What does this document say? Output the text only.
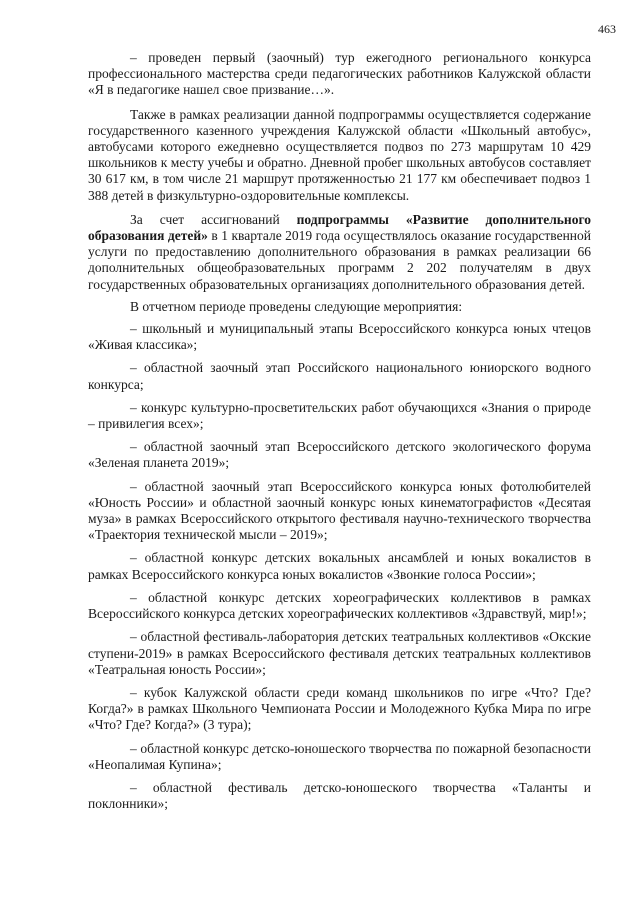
463

– проведен первый (заочный) тур ежегодного регионального конкурса профессионального мастерства среди педагогических работников Калужской области «Я в педагогике нашел свое призвание…».

Также в рамках реализации данной подпрограммы осуществляется содержание государственного казенного учреждения Калужской области «Школьный автобус», автобусами которого ежедневно осуществляется подвоз по 273 маршрутам 10 429 школьников к месту учебы и обратно. Дневной пробег школьных автобусов составляет 30 617 км, в том числе 21 маршрут протяженностью 21 177 км обеспечивает подвоз 1 388 детей в физкультурно-оздоровительные комплексы.

За счет ассигнований подпрограммы «Развитие дополнительного образования детей» в 1 квартале 2019 года осуществлялось оказание государственной услуги по предоставлению дополнительного образования в рамках реализации 66 дополнительных общеобразовательных программ 2 202 получателям в двух государственных образовательных организациях дополнительного образования детей.

В отчетном периоде проведены следующие мероприятия:

– школьный и муниципальный этапы Всероссийского конкурса юных чтецов «Живая классика»;

– областной заочный этап Российского национального юниорского водного конкурса;

– конкурс культурно-просветительских работ обучающихся «Знания о природе – привилегия всех»;

– областной заочный этап Всероссийского детского экологического форума «Зеленая планета 2019»;

– областной заочный этап Всероссийского конкурса юных фотолюбителей «Юность России» и областной заочный конкурс юных кинематографистов «Десятая муза» в рамках Всероссийского открытого фестиваля научно-технического творчества «Траектория технической мысли – 2019»;

– областной конкурс детских вокальных ансамблей и юных вокалистов в рамках Всероссийского конкурса юных вокалистов «Звонкие голоса России»;

– областной конкурс детских хореографических коллективов в рамках Всероссийского конкурса детских хореографических коллективов «Здравствуй, мир!»;

– областной фестиваль-лаборатория детских театральных коллективов «Окские ступени-2019» в рамках Всероссийского фестиваля детских театральных коллективов «Театральная юность России»;

– кубок Калужской области среди команд школьников по игре «Что? Где? Когда?» в рамках Школьного Чемпионата России и Молодежного Кубка Мира по игре «Что? Где? Когда?» (3 тура);

– областной конкурс детско-юношеского творчества по пожарной безопасности «Неопалимая Купина»;

– областной фестиваль детско-юношеского творчества «Таланты и поклонники»;
